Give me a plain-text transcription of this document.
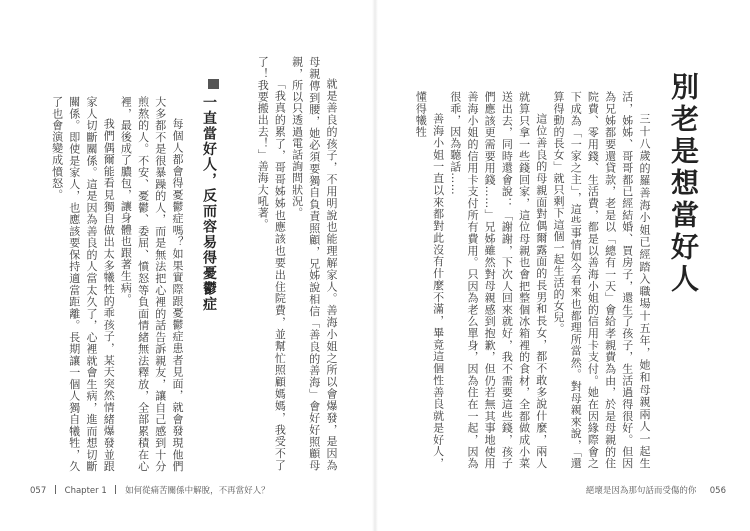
別老是想當好人

三十八歲的羅善海小姐已經踏入職場十五年，她和母親兩人一起生活，姊姊、哥哥都已經結婚、買房子，還生了孩子，生活過得很好。但因為兄姊都要還貸款，老是以「總有一天」會給孝親費為由，於是母親的住院費、零用錢、生活費，都是以善海小姐的信用卡支付。她在因緣際會之下成為「一家之主」，這些事情如今看來也都理所當然。對母親來說，「還算得動的長女」就只剩下這個一起生活的女兒。

這位善良的母親面對偶爾露面的長男和長女，都不敢多說什麼，兩人就算只拿一些錢回家，這位母親也會把整個冰箱裡的食材，全都做成小菜送出去，同時還會說：「謝謝，下次人回來就好，我不需要這些錢，孩子們應該更需要用錢……」兄姊雖然對母親感到抱歉，但仍若無其事地使用善海小姐的信用卡支付所有費用。只因為老么單身，因為住在一起，因為很乖，因為聽話……

善海小姐一直以來都對此沒有什麼不滿，畢竟這個性善良就是好人，懂得犧牲

就是善良的孩子，不用明說也能理解家人。善海小姐之所以會爆發，是因為母親傳到腰，她必須要獨自負責照顧，兄姊說相信「善良的善海」會好好照顧母親，所以只透過電話詢問狀況。

「我真的累了，哥哥姊姊也應該也要出住院費，並幫忙照顧媽媽，我受不了了！我要搬出去！」善海大吼著。

一直當好人，反而容易得憂鬱症

每個人都會得憂鬱症嗎？如果實際跟憂鬱症患者見面，就會發現他們大多都不是很暴躁的人，而是無法把心裡的話告訴親友，讓自己感到十分煎熬的人。不安、憂鬱、委屈、憤怒等負面情緒無法釋放，全部累積在心裡，最後成了膿包，讓身體也跟著生病。

我們偶爾能看見獨自做出太多犧牲的乖孩子，某天突然情緒爆發並跟家人切斷關係。這是因為善良的人當太久了，心裡就會生病，進而想切斷關係。即使是家人，也應該要保持適當距離。長期讓一個人獨自犧牲，久了也會演變成憤怒。

057 Chapter 1 如何從痛苦關係中解脫，不再當好人？	絕壞是因為那句話而受傷的你 056
